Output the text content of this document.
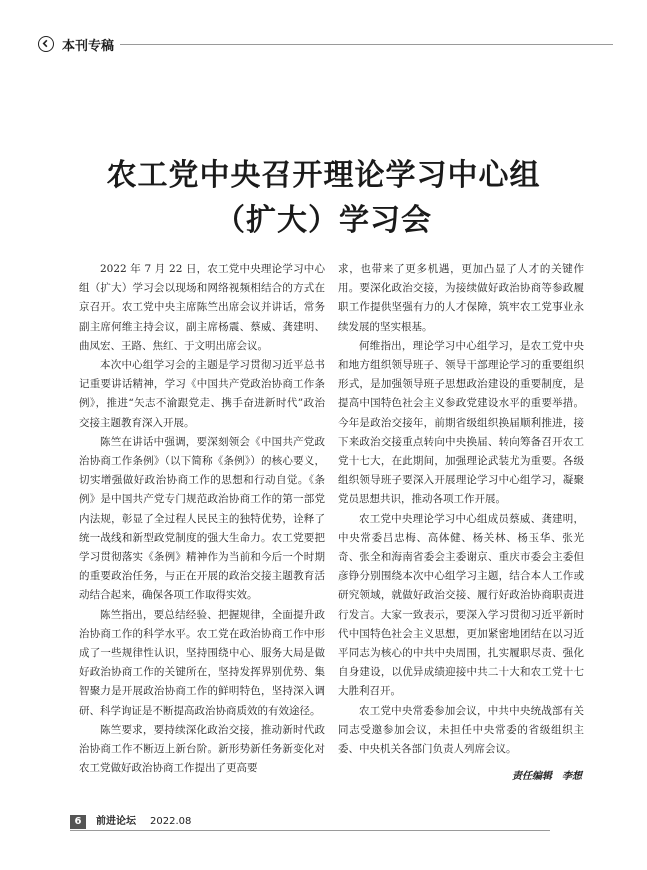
本刊专稿
农工党中央召开理论学习中心组
（扩大）学习会

2022 年 7 月 22 日，农工党中央理论学习中心组（扩大）学习会以现场和网络视频相结合的方式在京召开。农工党中央主席陈竺出席会议并讲话，常务副主席何维主持会议，副主席杨震、蔡威、龚建明、曲凤宏、王路、焦红、于文明出席会议。

本次中心组学习会的主题是学习贯彻习近平总书记重要讲话精神，学习《中国共产党政治协商工作条例》，推进“矢志不渝跟党走、携手奋进新时代”政治交接主题教育深入开展。

陈竺在讲话中强调，要深刻领会《中国共产党政治协商工作条例》（以下简称《条例》）的核心要义，切实增强做好政治协商工作的思想和行动自觉。《条例》是中国共产党专门规范政治协商工作的第一部党内法规，彰显了全过程人民民主的独特优势，诠释了统一战线和新型政党制度的强大生命力。农工党要把学习贯彻落实《条例》精神作为当前和今后一个时期的重要政治任务，与正在开展的政治交接主题教育活动结合起来，确保各项工作取得实效。

陈竺指出，要总结经验、把握规律，全面提升政治协商工作的科学水平。农工党在政治协商工作中形成了一些规律性认识，坚持围绕中心、服务大局是做好政治协商工作的关键所在，坚持发挥界别优势、集智聚力是开展政治协商工作的鲜明特色，坚持深入调研、科学询证是不断提高政治协商质效的有效途径。

陈竺要求，要持续深化政治交接，推动新时代政治协商工作不断迈上新台阶。新形势新任务新变化对农工党做好政治协商工作提出了更高要

求，也带来了更多机遇，更加凸显了人才的关键作用。要深化政治交接，为接续做好政治协商等参政履职工作提供坚强有力的人才保障，筑牢农工党事业永续发展的坚实根基。

何维指出，理论学习中心组学习，是农工党中央和地方组织领导班子、领导干部理论学习的重要组织形式，是加强领导班子思想政治建设的重要制度，是提高中国特色社会主义参政党建设水平的重要举措。今年是政治交接年，前期省级组织换届顺利推进，接下来政治交接重点转向中央换届、转向筹备召开农工党十七大，在此期间，加强理论武装尤为重要。各级组织领导班子要深入开展理论学习中心组学习，凝聚党员思想共识，推动各项工作开展。

农工党中央理论学习中心组成员蔡威、龚建明，中央常委吕忠梅、高体健、杨关林、杨玉华、张光奇、张全和海南省委会主委谢京、重庆市委会主委但彦铮分别围绕本次中心组学习主题，结合本人工作或研究领域，就做好政治交接、履行好政治协商职责进行发言。大家一致表示，要深入学习贯彻习近平新时代中国特色社会主义思想，更加紧密地团结在以习近平同志为核心的中共中央周围，扎实履职尽责、强化自身建设，以优异成绩迎接中共二十大和农工党十七大胜利召开。

农工党中央常委参加会议，中共中央统战部有关同志受邀参加会议，未担任中央常委的省级组织主委、中央机关各部门负责人列席会议。

责任编辑　李想
6	前进论坛 2022.08
